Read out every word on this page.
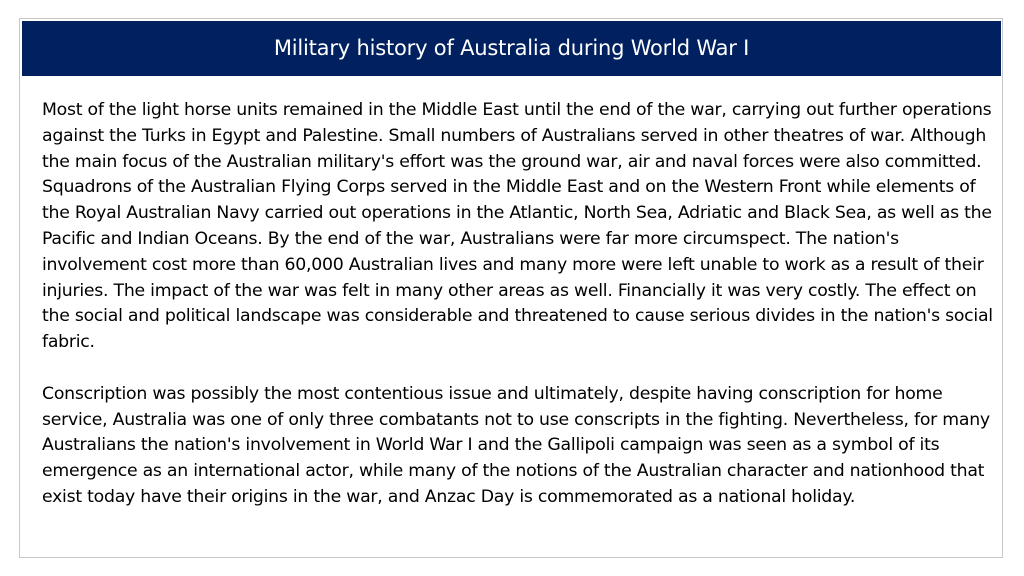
Military history of Australia during World War I

Most of the light horse units remained in the Middle East until the end of the war, carrying out further operations against the Turks in Egypt and Palestine. Small numbers of Australians served in other theatres of war. Although the main focus of the Australian military's effort was the ground war, air and naval forces were also committed. Squadrons of the Australian Flying Corps served in the Middle East and on the Western Front while elements of the Royal Australian Navy carried out operations in the Atlantic, North Sea, Adriatic and Black Sea, as well as the Pacific and Indian Oceans. By the end of the war, Australians were far more circumspect. The nation's involvement cost more than 60,000 Australian lives and many more were left unable to work as a result of their injuries. The impact of the war was felt in many other areas as well. Financially it was very costly. The effect on the social and political landscape was considerable and threatened to cause serious divides in the nation's social fabric.

Conscription was possibly the most contentious issue and ultimately, despite having conscription for home service, Australia was one of only three combatants not to use conscripts in the fighting. Nevertheless, for many Australians the nation's involvement in World War I and the Gallipoli campaign was seen as a symbol of its emergence as an international actor, while many of the notions of the Australian character and nationhood that exist today have their origins in the war, and Anzac Day is commemorated as a national holiday.
